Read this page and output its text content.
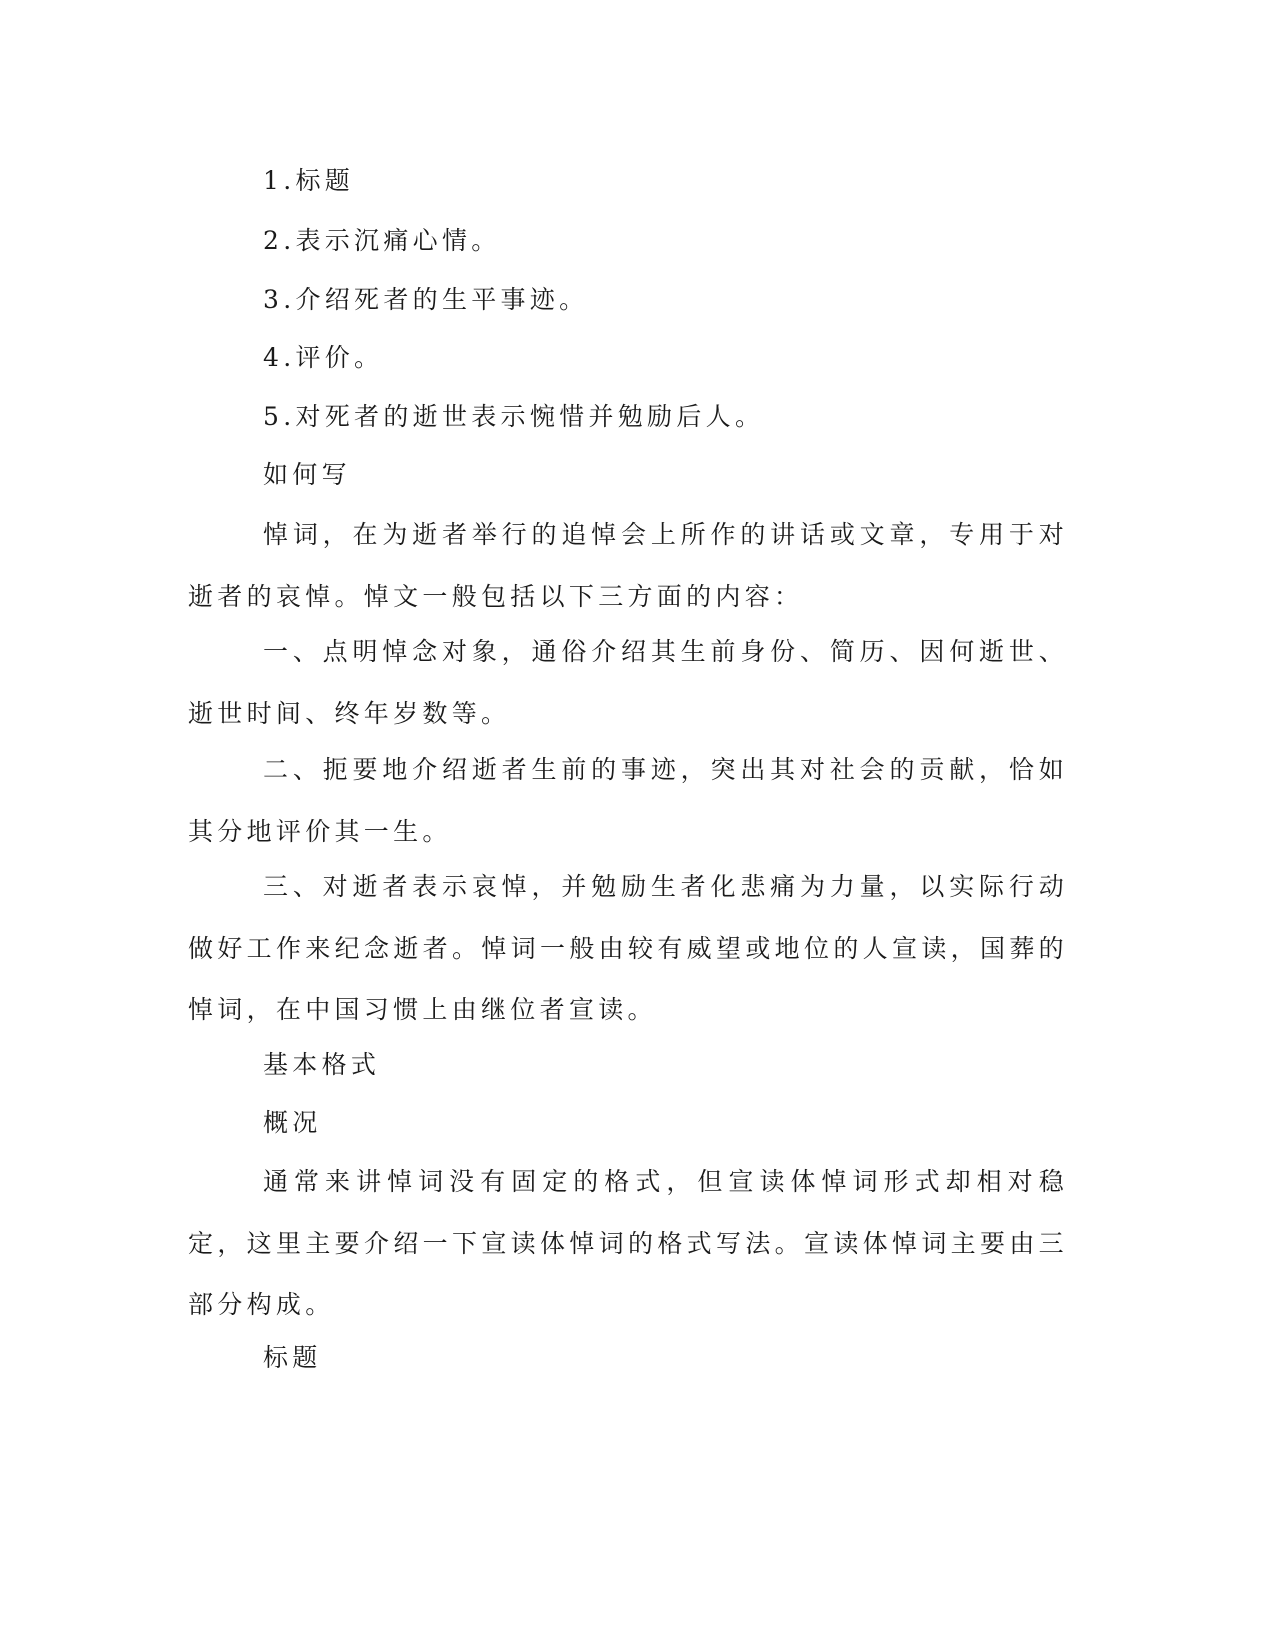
1.标题

2.表示沉痛心情。

3.介绍死者的生平事迹。

4.评价。

5.对死者的逝世表示惋惜并勉励后人。

如何写

悼词，在为逝者举行的追悼会上所作的讲话或文章，专用于对逝者的哀悼。悼文一般包括以下三方面的内容：

一、点明悼念对象，通俗介绍其生前身份、简历、因何逝世、逝世时间、终年岁数等。

二、扼要地介绍逝者生前的事迹，突出其对社会的贡献，恰如其分地评价其一生。

三、对逝者表示哀悼，并勉励生者化悲痛为力量，以实际行动做好工作来纪念逝者。悼词一般由较有威望或地位的人宣读，国葬的悼词，在中国习惯上由继位者宣读。

基本格式

概况

通常来讲悼词没有固定的格式，但宣读体悼词形式却相对稳定，这里主要介绍一下宣读体悼词的格式写法。宣读体悼词主要由三部分构成。

标题
